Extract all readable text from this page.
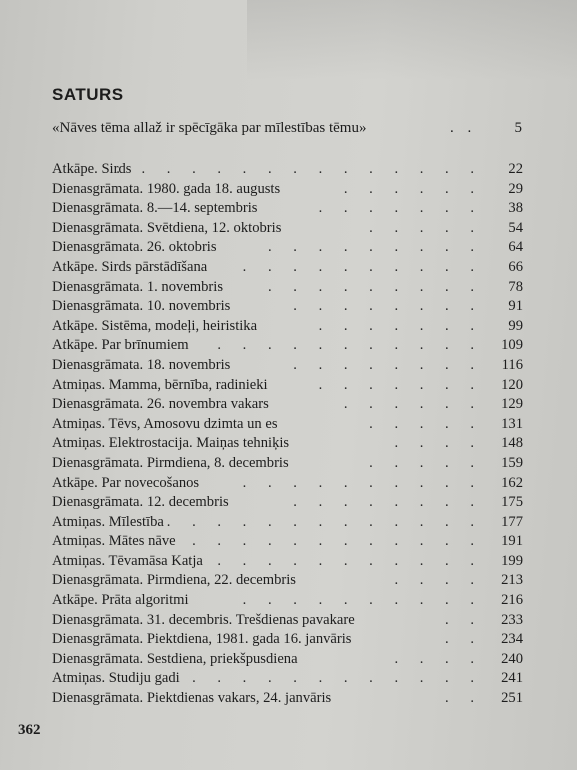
SATURS
«Nāves tēma allaž ir spēcīgāka par mīlestības tēmu»	. .	5
. . . . . . . . . . . . . . .
Atkāpe. Sirds	22
. . . . . .
Dienasgrāmata. 1980. gada 18. augusts	29
. . . . . . .
Dienasgrāmata. 8.—14. septembris	38
. . . . .
Dienasgrāmata. Svētdiena, 12. oktobris	54
. . . . . . . . .
Dienasgrāmata. 26. oktobris	64
. . . . . . . . . .
Atkāpe. Sirds pārstādīšana	66
. . . . . . . . .
Dienasgrāmata. 1. novembris	78
. . . . . . . .
Dienasgrāmata. 10. novembris	91
. . . . . . .
Atkāpe. Sistēma, modeļi, heiristika	99
. . . . . . . . . . .
Atkāpe. Par brīnumiem	109
. . . . . . . .
Dienasgrāmata. 18. novembris	116
. . . . . . .
Atmiņas. Mamma, bērnība, radinieki	120
. . . . . .
Dienasgrāmata. 26. novembra vakars	129
. . . . .
Atmiņas. Tēvs, Amosovu dzimta un es	131
. . . .
Atmiņas. Elektrostacija. Maiņas tehniķis	148
. . . . .
Dienasgrāmata. Pirmdiena, 8. decembris	159
. . . . . . . . . .
Atkāpe. Par novecošanos	162
. . . . . . . .
Dienasgrāmata. 12. decembris	175
. . . . . . . . . . . . .
Atmiņas. Mīlestība	177
. . . . . . . . . . . .
Atmiņas. Mātes nāve	191
. . . . . . . . . . .
Atmiņas. Tēvamāsa Katja	199
. . . .
Dienasgrāmata. Pirmdiena, 22. decembris	213
. . . . . . . . . .
Atkāpe. Prāta algoritmi	216
. .
Dienasgrāmata. 31. decembris. Trešdienas pavakare	233
. .
Dienasgrāmata. Piektdiena, 1981. gada 16. janvāris	234
. . . .
Dienasgrāmata. Sestdiena, priekšpusdiena	240
. . . . . . . . . . . .
Atmiņas. Studiju gadi	241
. .
Dienasgrāmata. Piektdienas vakars, 24. janvāris	251
362
